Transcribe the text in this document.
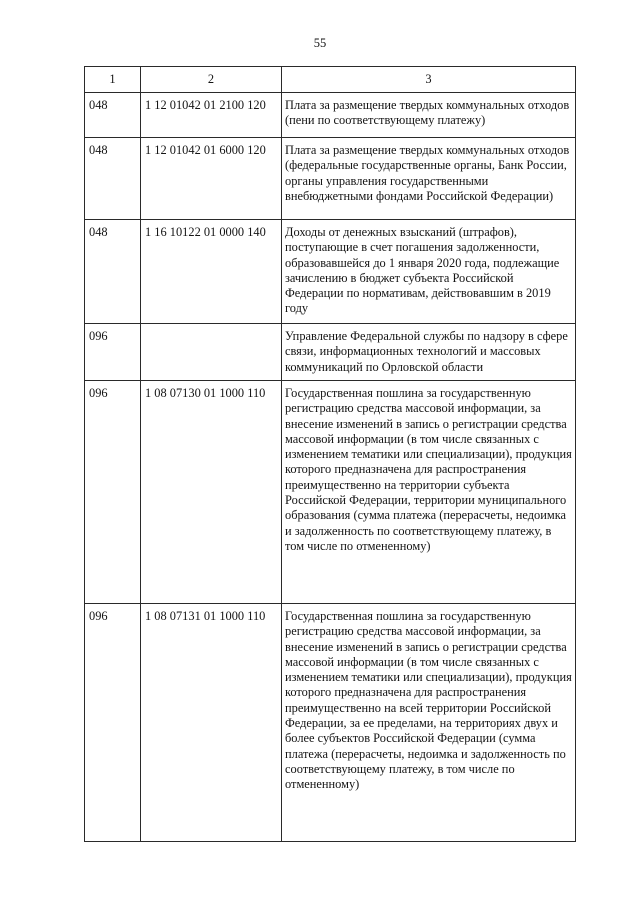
55
1	2	3

048	1 12 01042 01 2100 120	Плата за размещение твердых коммунальных отходов (пени по соответствующему платежу)

048	1 12 01042 01 6000 120	Плата за размещение твердых коммунальных отходов (федеральные государственные органы, Банк России, органы управления государственными внебюджетными фондами Российской Федерации)

048	1 16 10122 01 0000 140	Доходы от денежных взысканий (штрафов), поступающие в счет погашения задолженности, образовавшейся до 1 января 2020 года, подлежащие зачислению в бюджет субъекта Российской Федерации по нормативам, действовавшим в 2019 году

096		Управление Федеральной службы по надзору в сфере связи, информационных технологий и массовых коммуникаций по Орловской области

096	1 08 07130 01 1000 110	Государственная пошлина за государственную регистрацию средства массовой информации, за внесение изменений в запись о регистрации средства массовой информации (в том числе связанных с изменением тематики или специализации), продукция которого предназначена для распространения преимущественно на территории субъекта Российской Федерации, территории муниципального образования (сумма платежа (перерасчеты, недоимка и задолженность по соответствующему платежу, в том числе по отмененному)

096	1 08 07131 01 1000 110	Государственная пошлина за государственную регистрацию средства массовой информации, за внесение изменений в запись о регистрации средства массовой информации (в том числе связанных с изменением тематики или специализации), продукция которого предназначена для распространения преимущественно на всей территории Российской Федерации, за ее пределами, на территориях двух и более субъектов Российской Федерации (сумма платежа (перерасчеты, недоимка и задолженность по соответствующему платежу, в том числе по отмененному)
